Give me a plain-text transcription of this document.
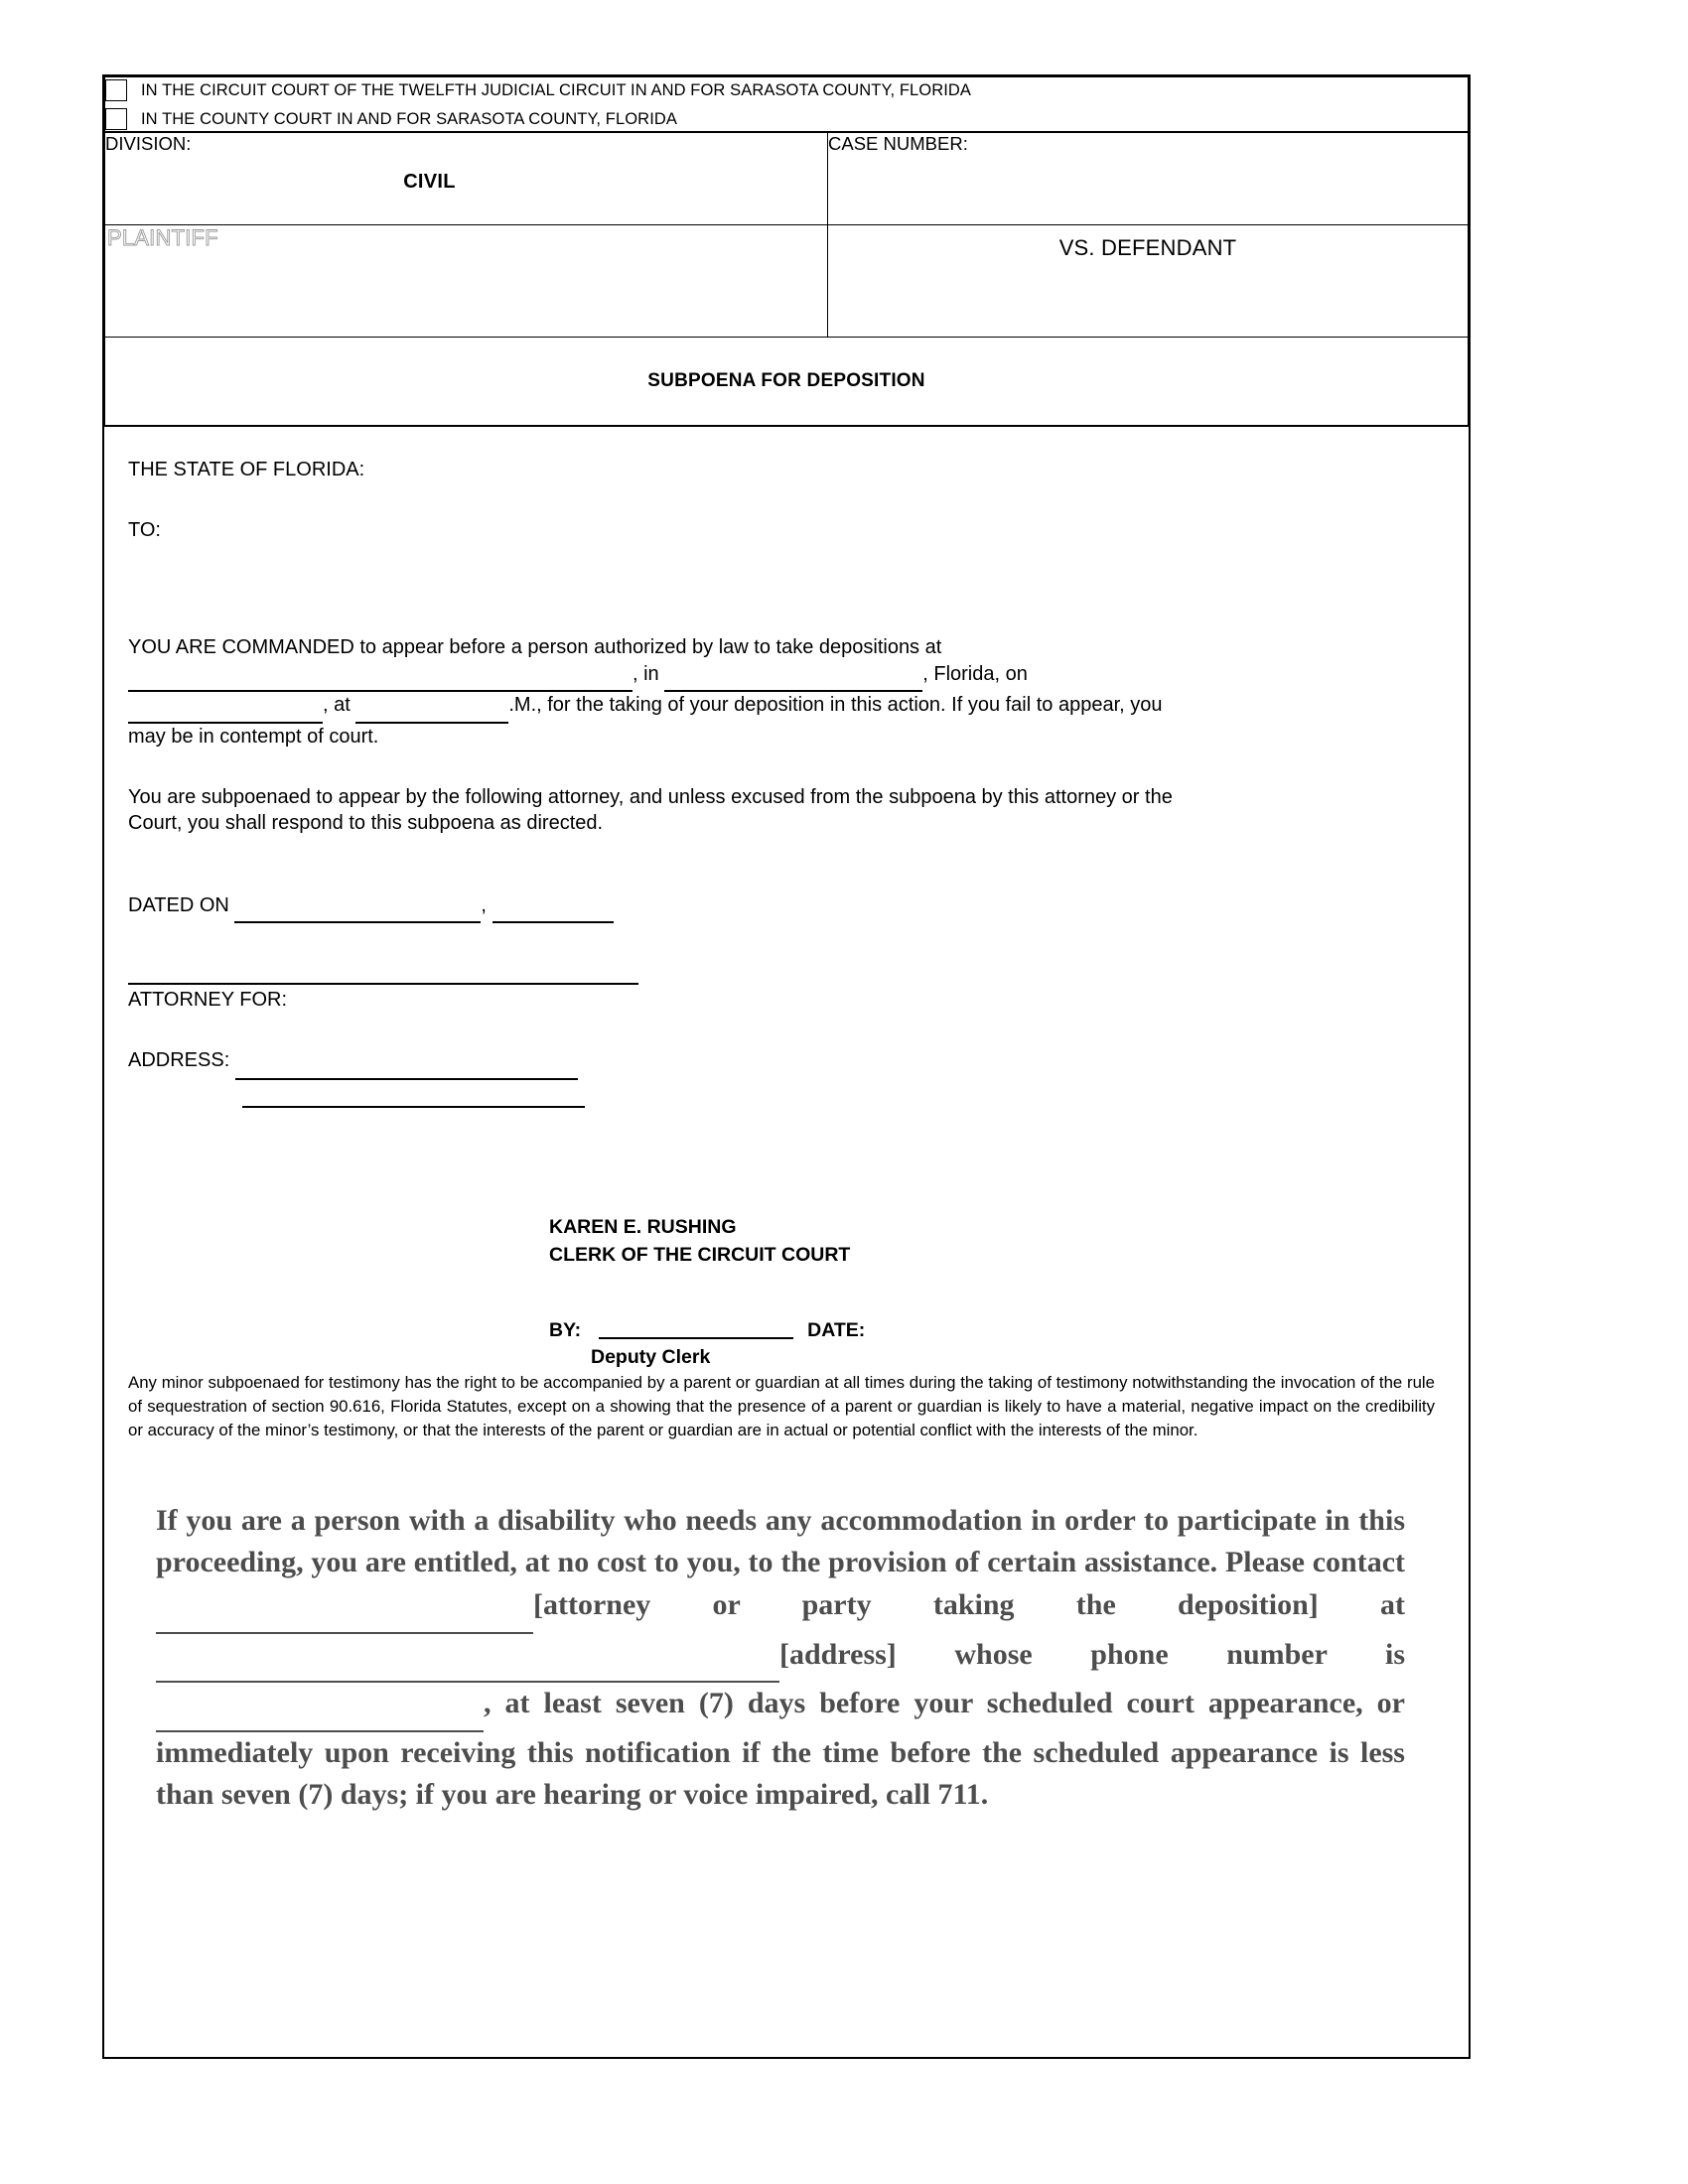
IN THE CIRCUIT COURT OF THE TWELFTH JUDICIAL CIRCUIT IN AND FOR SARASOTA COUNTY, FLORIDA
IN THE COUNTY COURT IN AND FOR SARASOTA COUNTY, FLORIDA	

DIVISION:
CIVIL	CASE NUMBER:
PLAINTIFF	VS. DEFENDANT

SUBPOENA FOR DEPOSITION	

THE STATE OF FLORIDA:

TO:

YOU ARE COMMANDED to appear before a person authorized by law to take depositions at

, in	, Florida, on

, at	.M., for the taking of your deposition in this action. If you fail to appear, you

may be in contempt of court.

You are subpoenaed to appear by the following attorney, and unless excused from the subpoena by this attorney or the

Court, you shall respond to this subpoena as directed.

DATED ON	,

ATTORNEY FOR:

ADDRESS:

KAREN E. RUSHING
CLERK OF THE CIRCUIT COURT
BY:	DATE:
Deputy Clerk

Any minor subpoenaed for testimony has the right to be accompanied by a parent or guardian at all times during the taking of testimony notwithstanding the invocation of the rule of sequestration of section 90.616, Florida Statutes, except on a showing that the presence of a parent or guardian is likely to have a material, negative impact on the credibility or accuracy of the minor’s testimony, or that the interests of the parent or guardian are in actual or potential conflict with the interests of the minor.

If you are a person with a disability who needs any accommodation in order to participate in this proceeding, you are entitled, at no cost to you, to the provision of certain assistance. Please contact  [attorney or party taking the deposition] at  [address] whose phone number is  , at least seven (7) days before your scheduled court appearance, or immediately upon receiving this notification if the time before the scheduled appearance is less than seven (7) days; if you are hearing or voice impaired, call 711.
